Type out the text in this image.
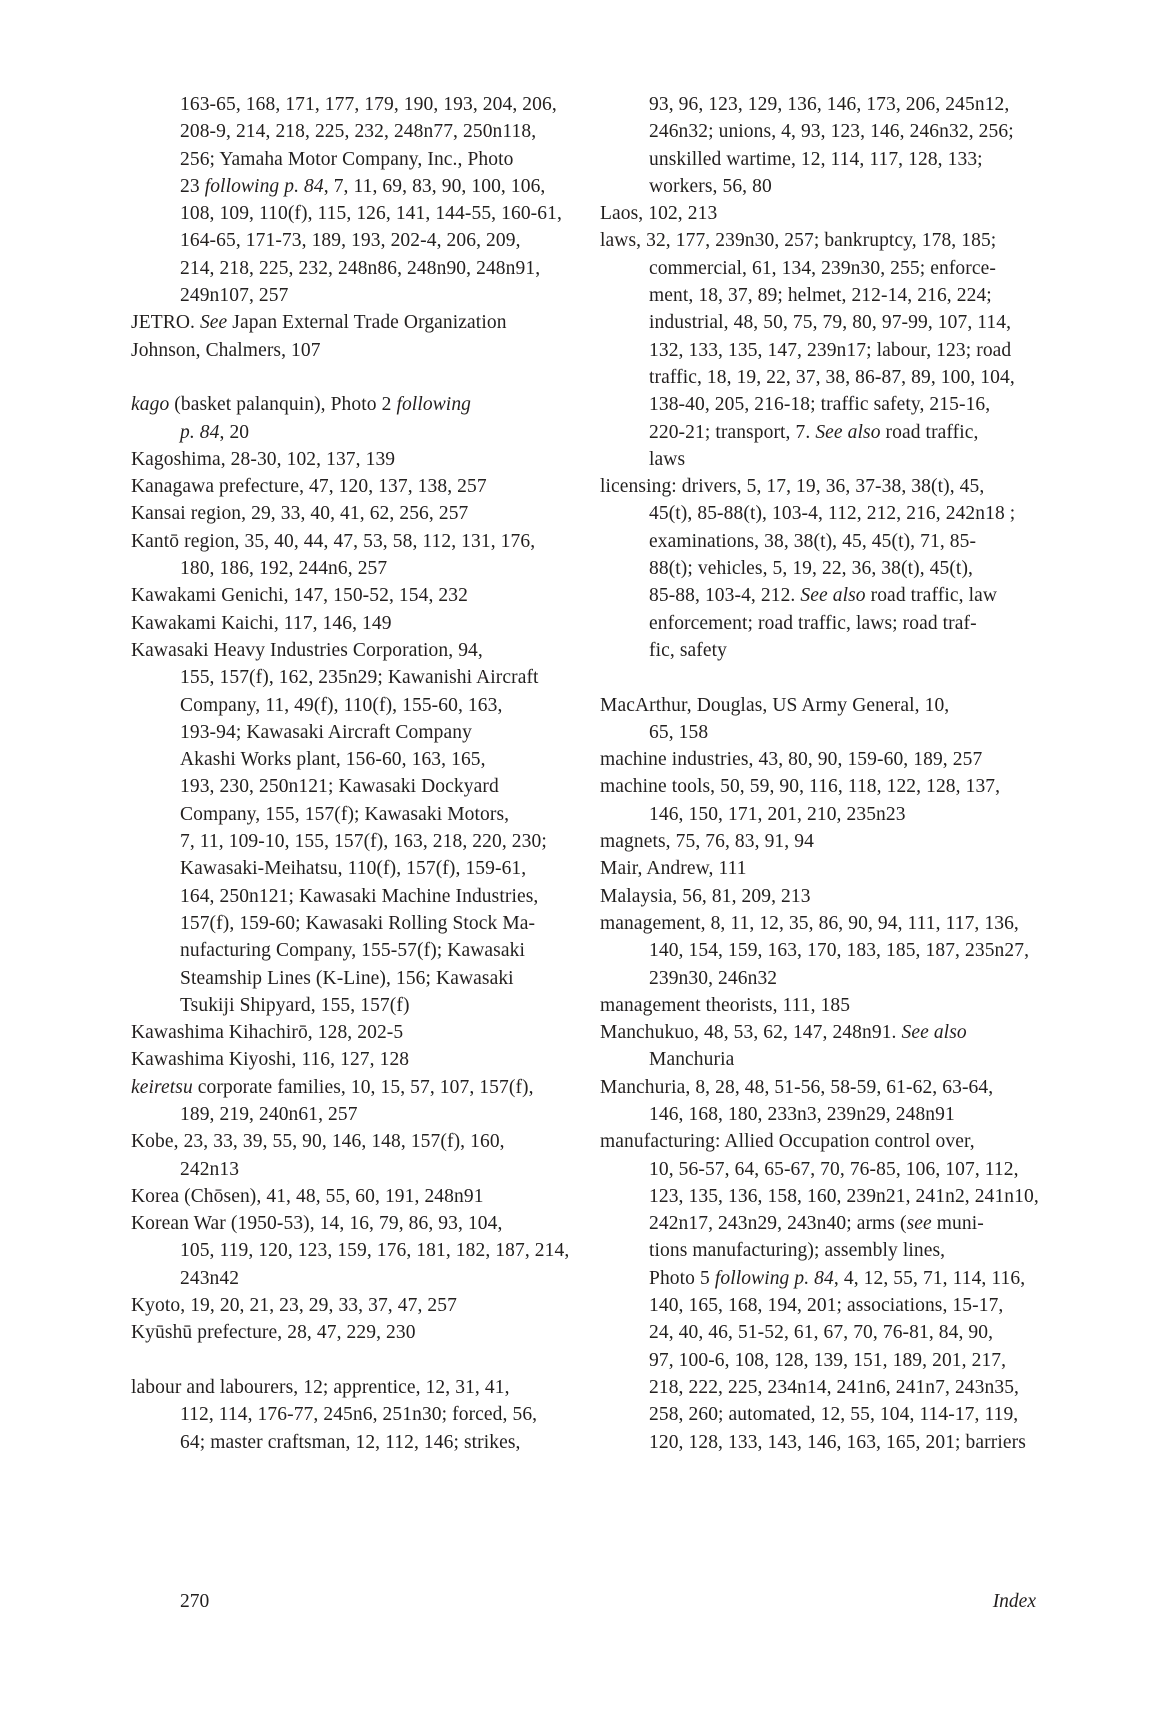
163-65, 168, 171, 177, 179, 190, 193, 204, 206,
208-9, 214, 218, 225, 232, 248n77, 250n118,
256; Yamaha Motor Company, Inc., Photo
23 following p. 84, 7, 11, 69, 83, 90, 100, 106,
108, 109, 110(f), 115, 126, 141, 144-55, 160-61,
164-65, 171-73, 189, 193, 202-4, 206, 209,
214, 218, 225, 232, 248n86, 248n90, 248n91,
249n107, 257
JETRO. See Japan External Trade Organization
Johnson, Chalmers, 107
kago (basket palanquin), Photo 2 following
p. 84, 20
Kagoshima, 28-30, 102, 137, 139
Kanagawa prefecture, 47, 120, 137, 138, 257
Kansai region, 29, 33, 40, 41, 62, 256, 257
Kantō region, 35, 40, 44, 47, 53, 58, 112, 131, 176,
180, 186, 192, 244n6, 257
Kawakami Genichi, 147, 150-52, 154, 232
Kawakami Kaichi, 117, 146, 149
Kawasaki Heavy Industries Corporation, 94,
155, 157(f), 162, 235n29; Kawanishi Aircraft
Company, 11, 49(f), 110(f), 155-60, 163,
193-94; Kawasaki Aircraft Company
Akashi Works plant, 156-60, 163, 165,
193, 230, 250n121; Kawasaki Dockyard
Company, 155, 157(f); Kawasaki Motors,
7, 11, 109-10, 155, 157(f), 163, 218, 220, 230;
Kawasaki-Meihatsu, 110(f), 157(f), 159-61,
164, 250n121; Kawasaki Machine Industries,
157(f), 159-60; Kawasaki Rolling Stock Ma-
nufacturing Company, 155-57(f); Kawasaki
Steamship Lines (K-Line), 156; Kawasaki
Tsukiji Shipyard, 155, 157(f)
Kawashima Kihachirō, 128, 202-5
Kawashima Kiyoshi, 116, 127, 128
keiretsu corporate families, 10, 15, 57, 107, 157(f),
189, 219, 240n61, 257
Kobe, 23, 33, 39, 55, 90, 146, 148, 157(f), 160,
242n13
Korea (Chōsen), 41, 48, 55, 60, 191, 248n91
Korean War (1950-53), 14, 16, 79, 86, 93, 104,
105, 119, 120, 123, 159, 176, 181, 182, 187, 214,
243n42
Kyoto, 19, 20, 21, 23, 29, 33, 37, 47, 257
Kyūshū prefecture, 28, 47, 229, 230
labour and labourers, 12; apprentice, 12, 31, 41,
112, 114, 176-77, 245n6, 251n30; forced, 56,
64; master craftsman, 12, 112, 146; strikes,
93, 96, 123, 129, 136, 146, 173, 206, 245n12,
246n32; unions, 4, 93, 123, 146, 246n32, 256;
unskilled wartime, 12, 114, 117, 128, 133;
workers, 56, 80
Laos, 102, 213
laws, 32, 177, 239n30, 257; bankruptcy, 178, 185;
commercial, 61, 134, 239n30, 255; enforce-
ment, 18, 37, 89; helmet, 212-14, 216, 224;
industrial, 48, 50, 75, 79, 80, 97-99, 107, 114,
132, 133, 135, 147, 239n17; labour, 123; road
traffic, 18, 19, 22, 37, 38, 86-87, 89, 100, 104,
138-40, 205, 216-18; traffic safety, 215-16,
220-21; transport, 7. See also road traffic,
laws
licensing: drivers, 5, 17, 19, 36, 37-38, 38(t), 45,
45(t), 85-88(t), 103-4, 112, 212, 216, 242n18 ;
examinations, 38, 38(t), 45, 45(t), 71, 85-
88(t); vehicles, 5, 19, 22, 36, 38(t), 45(t),
85-88, 103-4, 212. See also road traffic, law
enforcement; road traffic, laws; road traf-
fic, safety
MacArthur, Douglas, US Army General, 10,
65, 158
machine industries, 43, 80, 90, 159-60, 189, 257
machine tools, 50, 59, 90, 116, 118, 122, 128, 137,
146, 150, 171, 201, 210, 235n23
magnets, 75, 76, 83, 91, 94
Mair, Andrew, 111
Malaysia, 56, 81, 209, 213
management, 8, 11, 12, 35, 86, 90, 94, 111, 117, 136,
140, 154, 159, 163, 170, 183, 185, 187, 235n27,
239n30, 246n32
management theorists, 111, 185
Manchukuo, 48, 53, 62, 147, 248n91. See also
Manchuria
Manchuria, 8, 28, 48, 51-56, 58-59, 61-62, 63-64,
146, 168, 180, 233n3, 239n29, 248n91
manufacturing: Allied Occupation control over,
10, 56-57, 64, 65-67, 70, 76-85, 106, 107, 112,
123, 135, 136, 158, 160, 239n21, 241n2, 241n10,
242n17, 243n29, 243n40; arms (see muni-
tions manufacturing); assembly lines,
Photo 5 following p. 84, 4, 12, 55, 71, 114, 116,
140, 165, 168, 194, 201; associations, 15-17,
24, 40, 46, 51-52, 61, 67, 70, 76-81, 84, 90,
97, 100-6, 108, 128, 139, 151, 189, 201, 217,
218, 222, 225, 234n14, 241n6, 241n7, 243n35,
258, 260; automated, 12, 55, 104, 114-17, 119,
120, 128, 133, 143, 146, 163, 165, 201; barriers
270	Index
